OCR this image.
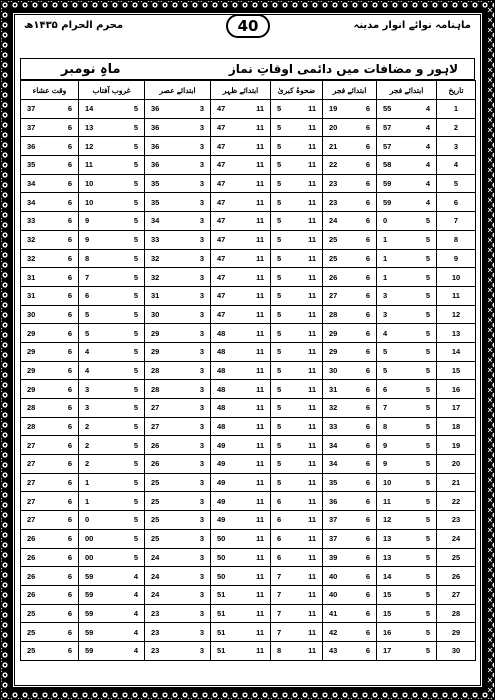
محرم الحرام ۱۴۳۵ھ	ماہنامہ نوائے انوار مدینہ
40
ماہِ نومبر	لاہور و مضافات میں دائمی اوقاتِ نماز
وقت عشاء	غروب آفتاب	ابتدائے عصر	ابتدائے ظہر	ضحوۂ کبریٰ	ابتدائے فجر	ابتدائے فجر	تاریخ

37 6	14 5	36 3	47 11	5 11	19 6	55 4	1

37 6	13 5	36 3	47 11	5 11	20 6	57 4	2

36 6	12 5	36 3	47 11	5 11	21 6	57 4	3

35 6	11 5	36 3	47 11	5 11	22 6	58 4	4

34 6	10 5	35 3	47 11	5 11	23 6	59 4	5

34 6	10 5	35 3	47 11	5 11	23 6	59 4	6

33 6	9 5	34 3	47 11	5 11	24 6	0 5	7

32 6	9 5	33 3	47 11	5 11	25 6	1 5	8

32 6	8 5	32 3	47 11	5 11	25 6	1 5	9

31 6	7 5	32 3	47 11	5 11	26 6	1 5	10

31 6	6 5	31 3	47 11	5 11	27 6	3 5	11

30 6	5 5	30 3	47 11	5 11	28 6	3 5	12

29 6	5 5	29 3	48 11	5 11	29 6	4 5	13

29 6	4 5	29 3	48 11	5 11	29 6	5 5	14

29 6	4 5	28 3	48 11	5 11	30 6	5 5	15

29 6	3 5	28 3	48 11	5 11	31 6	6 5	16

28 6	3 5	27 3	48 11	5 11	32 6	7 5	17

28 6	2 5	27 3	48 11	5 11	33 6	8 5	18

27 6	2 5	26 3	49 11	5 11	34 6	9 5	19

27 6	2 5	26 3	49 11	5 11	34 6	9 5	20

27 6	1 5	25 3	49 11	5 11	35 6	10 5	21

27 6	1 5	25 3	49 11	6 11	36 6	11 5	22

27 6	0 5	25 3	49 11	6 11	37 6	12 5	23

26 6	00 5	25 3	50 11	6 11	37 6	13 5	24

26 6	00 5	24 3	50 11	6 11	39 6	13 5	25

26 6	59 4	24 3	50 11	7 11	40 6	14 5	26

26 6	59 4	24 3	51 11	7 11	40 6	15 5	27

25 6	59 4	23 3	51 11	7 11	41 6	15 5	28

25 6	59 4	23 3	51 11	7 11	42 6	16 5	29

25 6	59 4	23 3	51 11	8 11	43 6	17 5	30
